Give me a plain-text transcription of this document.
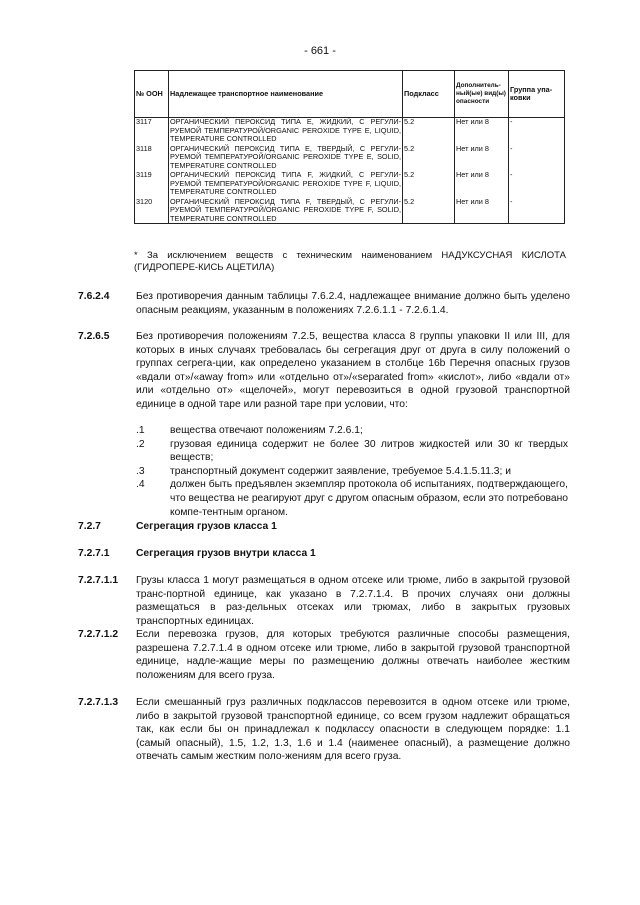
- 661 -
№ ООН	Надлежащее транспортное наименование	Подкласс	Дополнитель-ный(ые) вид(ы) опасности	Группа упа-ковки
3117	ОРГАНИЧЕСКИЙ ПЕРОКСИД ТИПА E, ЖИДКИЙ, С РЕГУЛИ-РУЕМОЙ ТЕМПЕРАТУРОЙ/ORGANIC PEROXIDE TYPE E, LIQUID, TEMPERATURE CONTROLLED	5.2	Нет или 8	-
3118	ОРГАНИЧЕСКИЙ ПЕРОКСИД ТИПА E, ТВЕРДЫЙ, С РЕГУЛИ-РУЕМОЙ ТЕМПЕРАТУРОЙ/ORGANIC PEROXIDE TYPE E, SOLID, TEMPERATURE CONTROLLED	5.2	Нет или 8	-
3119	ОРГАНИЧЕСКИЙ ПЕРОКСИД ТИПА F, ЖИДКИЙ, С РЕГУЛИ-РУЕМОЙ ТЕМПЕРАТУРОЙ/ORGANIC PEROXIDE TYPE F, LIQUID, TEMPERATURE CONTROLLED	5.2	Нет или 8	-
3120	ОРГАНИЧЕСКИЙ ПЕРОКСИД ТИПА F, ТВЕРДЫЙ, С РЕГУЛИ-РУЕМОЙ ТЕМПЕРАТУРОЙ/ORGANIC PEROXIDE TYPE F, SOLID, TEMPERATURE CONTROLLED	5.2	Нет или 8	-
* За исключением веществ с техническим наименованием НАДУКСУСНАЯ КИСЛОТА (ГИДРОПЕРЕ-КИСЬ АЦЕТИЛА)
7.6.2.4	Без противоречия данным таблицы 7.6.2.4, надлежащее внимание должно быть уделено опасным реакциям, указанным в положениях 7.2.6.1.1 - 7.2.6.1.4.
7.2.6.5	Без противоречия положениям 7.2.5, вещества класса 8 группы упаковки II или III, для которых в иных случаях требовалась бы сегрегация друг от друга в силу положений о группах сегрега-ции, как определено указанием в столбце 16b Перечня опасных грузов «вдали от»/«away from» или «отдельно от»/«separated from» «кислот», либо «вдали от» или «отдельно от» «щелочей», могут перевозиться в одной грузовой транспортной единице в одной таре или разной таре при условии, что:
.1 вещества отвечают положениям 7.2.6.1;
.2 грузовая единица содержит не более 30 литров жидкостей или 30 кг твердых веществ;
.3 транспортный документ содержит заявление, требуемое 5.4.1.5.11.3; и
.4 должен быть предъявлен экземпляр протокола об испытаниях, подтверждающего, что вещества не реагируют друг с другом опасным образом, если это потребовано компе-тентным органом.
7.2.7	Сегрегация грузов класса 1
7.2.7.1	Сегрегация грузов внутри класса 1
7.2.7.1.1 Грузы класса 1 могут размещаться в одном отсеке или трюме, либо в закрытой грузовой транс-портной единице, как указано в 7.2.7.1.4. В прочих случаях они должны размещаться в раз-дельных отсеках или трюмах, либо в закрытых грузовых транспортных единицах.
7.2.7.1.2 Если перевозка грузов, для которых требуются различные способы размещения, разрешена 7.2.7.1.4 в одном отсеке или трюме, либо в закрытой грузовой транспортной единице, надле-жащие меры по размещению должны отвечать наиболее жестким положениям для всего груза.
7.2.7.1.3 Если смешанный груз различных подклассов перевозится в одном отсеке или трюме, либо в закрытой грузовой транспортной единице, со всем грузом надлежит обращаться так, как если бы он принадлежал к подклассу опасности в следующем порядке: 1.1 (самый опасный), 1.5, 1.2, 1.3, 1.6 и 1.4 (наименее опасный), а размещение должно отвечать самым жестким поло-жениям для всего груза.
